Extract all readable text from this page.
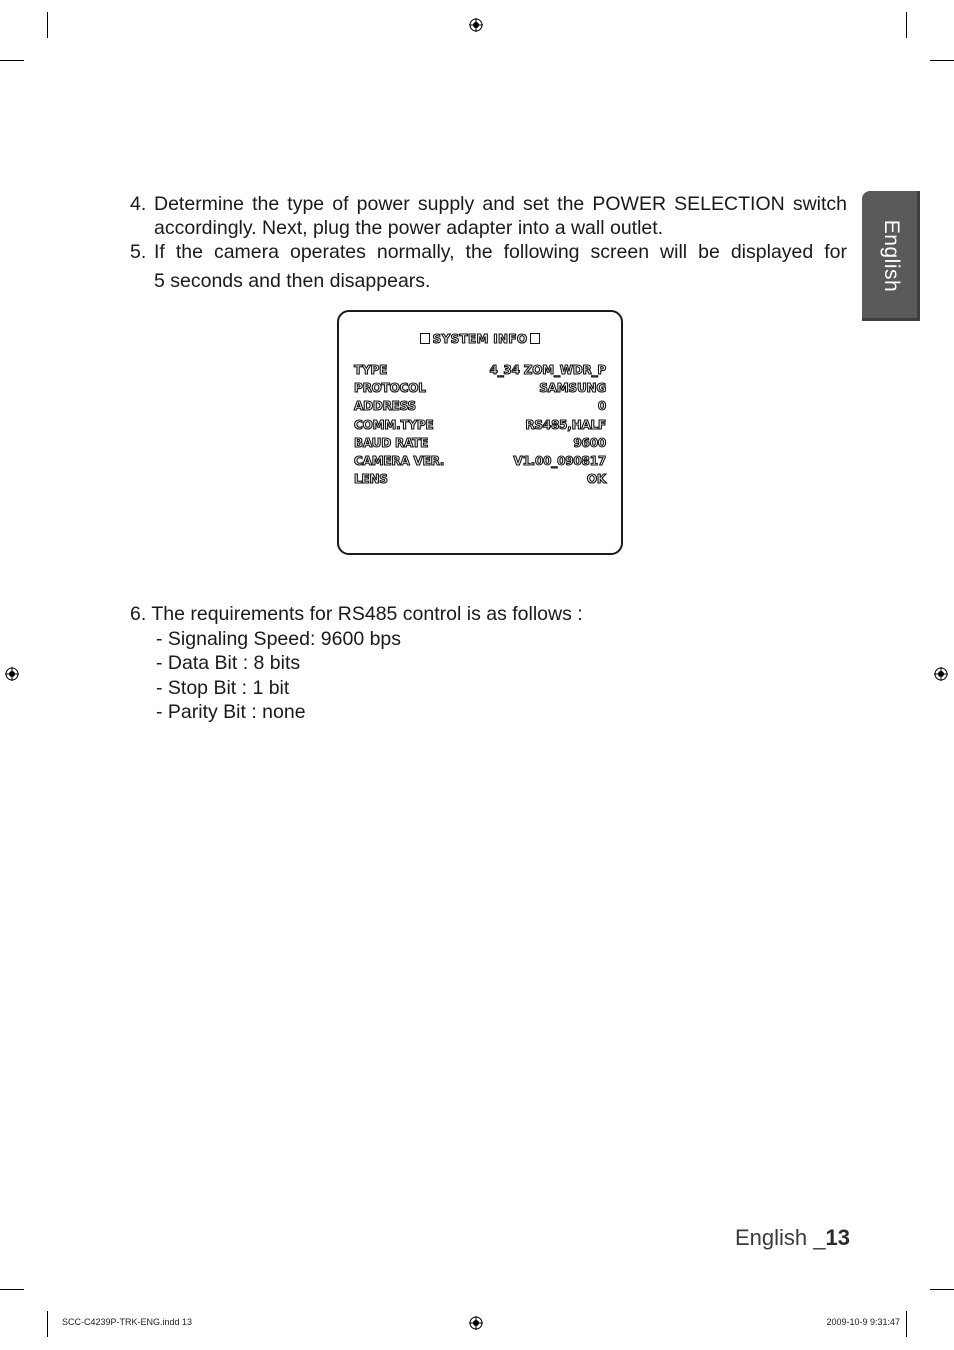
English
4. Determine the type of power supply and set the POWER SELECTION switch accordingly. Next, plug the power adapter into a wall outlet.
5. If the camera operates normally, the following screen will be displayed for
5 seconds and then disappears.
SYSTEM INFO
TYPE	4_34 ZOM_WDR_P
PROTOCOL	SAMSUNG
ADDRESS	0
COMM.TYPE	RS485,HALF
BAUD RATE	9600
CAMERA VER.	V1.00_090817
LENS	OK
6. The requirements for RS485 control is as follows :
- Signaling Speed: 9600 bps
- Data Bit : 8 bits
- Stop Bit : 1 bit
- Parity Bit : none
English _13
SCC-C4239P-TRK-ENG.indd 13	2009-10-9 9:31:47
